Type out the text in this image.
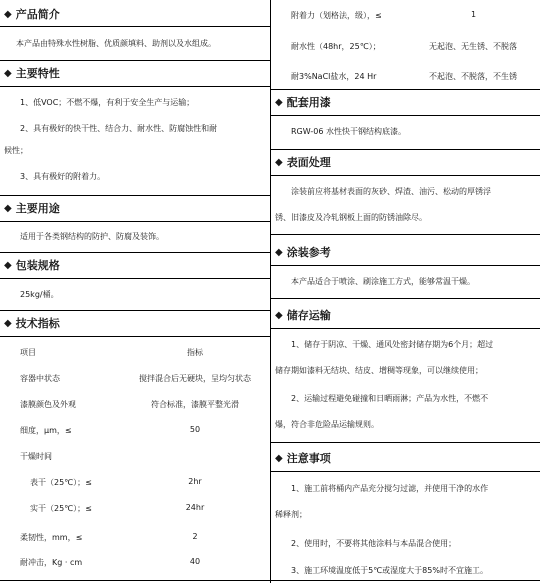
◆ 产品简介
本产品由特殊水性树脂、优质颜填料、助剂以及水组成。
◆ 主要特性
1、低VOC；不燃不爆，有利于安全生产与运输；
2、具有极好的快干性、结合力、耐水性、防腐蚀性和耐
候性；
3、具有极好的附着力。
◆ 主要用途
适用于各类钢结构的防护、防腐及装饰。
◆ 包装规格
25kg/桶。
◆ 技术指标
项目	指标
容器中状态	搅拌混合后无硬块，呈均匀状态
漆膜颜色及外观	符合标准，漆膜平整光滑
细度，μm，≤	50
干燥时间
表干（25℃）；≤	2hr
实干（25℃）；≤	24hr
柔韧性，mm，≤	2
耐冲击，Kg · cm	40
附着力（划格法，级），≤	1
耐水性（48hr，25℃）；	无起泡、无生锈、不脱落
耐3%NaCl盐水，24 Hr	不起泡、不脱落，不生锈
◆ 配套用漆
RGW-06 水性快干钢结构底漆。
◆ 表面处理
涂装前应将基材表面的灰砂、焊渣、油污、松动的厚锈浮
锈、旧漆皮及冷轧钢板上面的防锈油除尽。
◆ 涂装参考
本产品适合于喷涂、刷涂施工方式，能够常温干燥。
◆ 储存运输
1、储存于阴凉、干燥、通风处密封储存期为6个月；超过
储存期如漆料无结块、结皮、增稠等现象，可以继续使用；
2、运输过程避免碰撞和日晒雨淋；产品为水性，不燃不
爆，符合非危险品运输规则。
◆ 注意事项
1、施工前将桶内产品充分搅匀过滤，并使用干净的水作
稀释剂；
2、使用时，不要将其他涂料与本品混合使用；
3、施工环境温度低于5℃或湿度大于85%时不宜施工。
